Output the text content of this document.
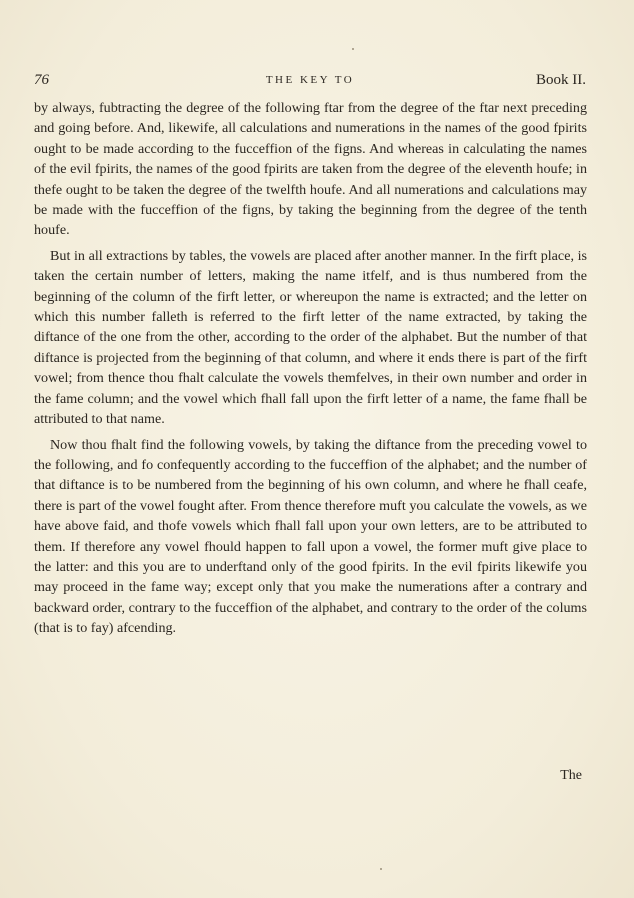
76	THE KEY TO	Book II.

by always, fubtracting the degree of the following ftar from the degree of the ftar next preceding and going before. And, likewife, all calculations and numerations in the names of the good fpirits ought to be made according to the fucceffion of the figns. And whereas in calculating the names of the evil fpirits, the names of the good fpirits are taken from the degree of the eleventh houfe; in thefe ought to be taken the degree of the twelfth houfe. And all numerations and calculations may be made with the fucceffion of the figns, by taking the beginning from the degree of the tenth houfe.

But in all extractions by tables, the vowels are placed after another manner. In the firft place, is taken the certain number of letters, making the name itfelf, and is thus numbered from the beginning of the column of the firft letter, or whereupon the name is extracted; and the letter on which this number falleth is referred to the firft letter of the name extracted, by taking the diftance of the one from the other, according to the order of the alphabet. But the number of that diftance is projected from the beginning of that column, and where it ends there is part of the firft vowel; from thence thou fhalt calculate the vowels themfelves, in their own number and order in the fame column; and the vowel which fhall fall upon the firft letter of a name, the fame fhall be attributed to that name.

Now thou fhalt find the following vowels, by taking the diftance from the preceding vowel to the following, and fo confequently according to the fucceffion of the alphabet; and the number of that diftance is to be numbered from the beginning of his own column, and where he fhall ceafe, there is part of the vowel fought after. From thence therefore muft you calculate the vowels, as we have above faid, and thofe vowels which fhall fall upon your own letters, are to be attributed to them. If therefore any vowel fhould happen to fall upon a vowel, the former muft give place to the latter: and this you are to underftand only of the good fpirits. In the evil fpirits likewife you may proceed in the fame way; except only that you make the numerations after a contrary and backward order, contrary to the fucceffion of the alphabet, and contrary to the order of the colums (that is to fay) afcending.

The
